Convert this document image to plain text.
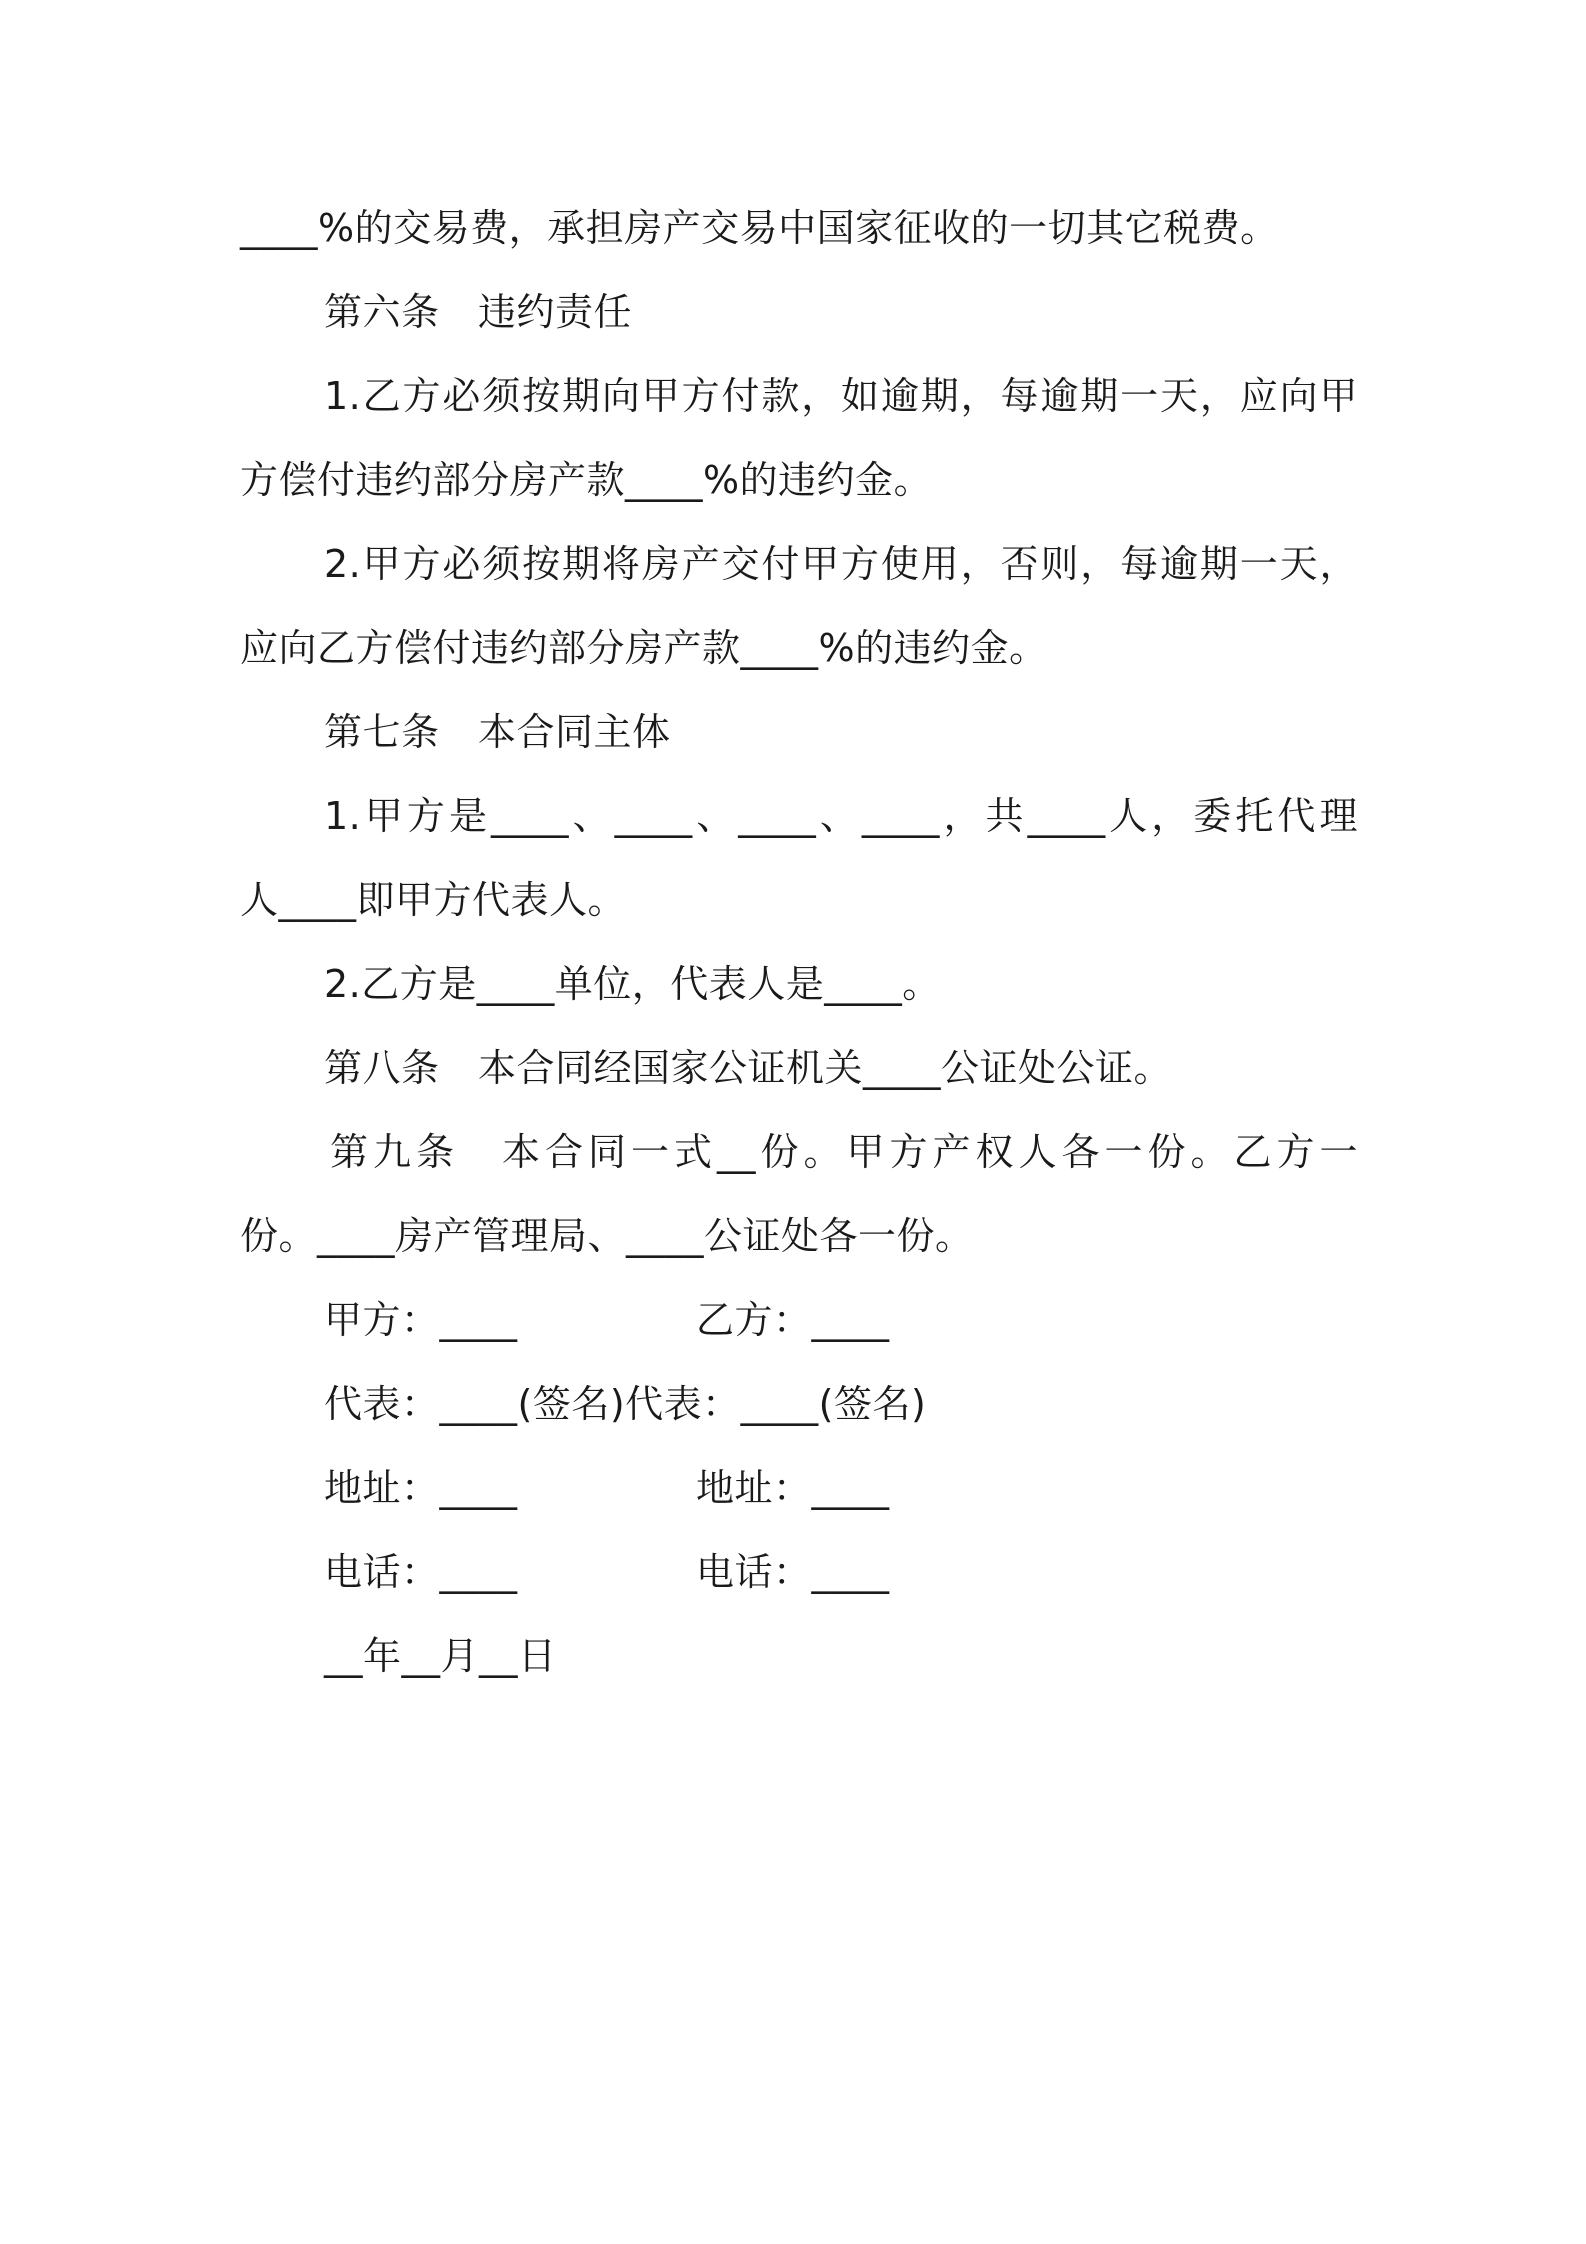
____%的交易费，承担房产交易中国家征收的一切其它税费。
第六条　违约责任
1.乙方必须按期向甲方付款，如逾期，每逾期一天，应向甲
方偿付违约部分房产款____%的违约金。
2.甲方必须按期将房产交付甲方使用，否则，每逾期一天，
应向乙方偿付违约部分房产款____%的违约金。
第七条　本合同主体
1.甲方是____、____、____、____，共____人，委托代理
人____即甲方代表人。
2.乙方是____单位，代表人是____。
第八条　本合同经国家公证机关____公证处公证。
第九条　本合同一式__份。甲方产权人各一份。乙方一
份。____房产管理局、____公证处各一份。
甲方：____	乙方：____
代表：____(签名)代表：____(签名)
地址：____	地址：____
电话：____	电话：____
__年__月__日
